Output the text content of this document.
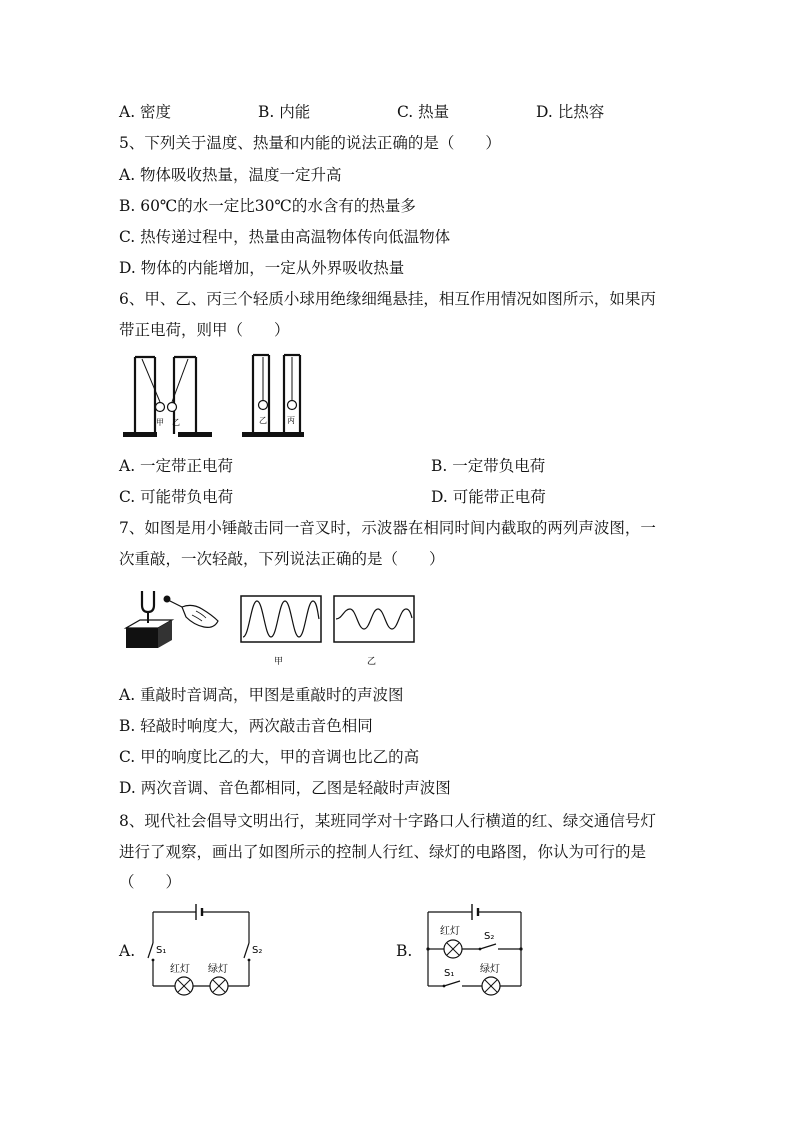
A. 密度	B. 内能	C. 热量	D. 比热容
5、下列关于温度、热量和内能的说法正确的是（　　）
A. 物体吸收热量，温度一定升高
B. 60℃的水一定比30℃的水含有的热量多
C. 热传递过程中，热量由高温物体传向低温物体
D. 物体的内能增加，一定从外界吸收热量
6、甲、乙、丙三个轻质小球用绝缘细绳悬挂，相互作用情况如图所示，如果丙
带正电荷，则甲（　　）
甲 乙	乙	丙
A. 一定带正电荷	B. 一定带负电荷
C. 可能带负电荷	D. 可能带正电荷
7、如图是用小锤敲击同一音叉时，示波器在相同时间内截取的两列声波图，一
次重敲，一次轻敲，下列说法正确的是（　　）
甲	乙
A. 重敲时音调高，甲图是重敲时的声波图
B. 轻敲时响度大，两次敲击音色相同
C. 甲的响度比乙的大，甲的音调也比乙的高
D. 两次音调、音色都相同，乙图是轻敲时声波图
8、现代社会倡导文明出行，某班同学对十字路口人行横道的红、绿交通信号灯
进行了观察，画出了如图所示的控制人行红、绿灯的电路图，你认为可行的是
（　　）
A. S₁	S₂
红灯 绿灯
B.
红灯 S₂
S₁	绿灯
